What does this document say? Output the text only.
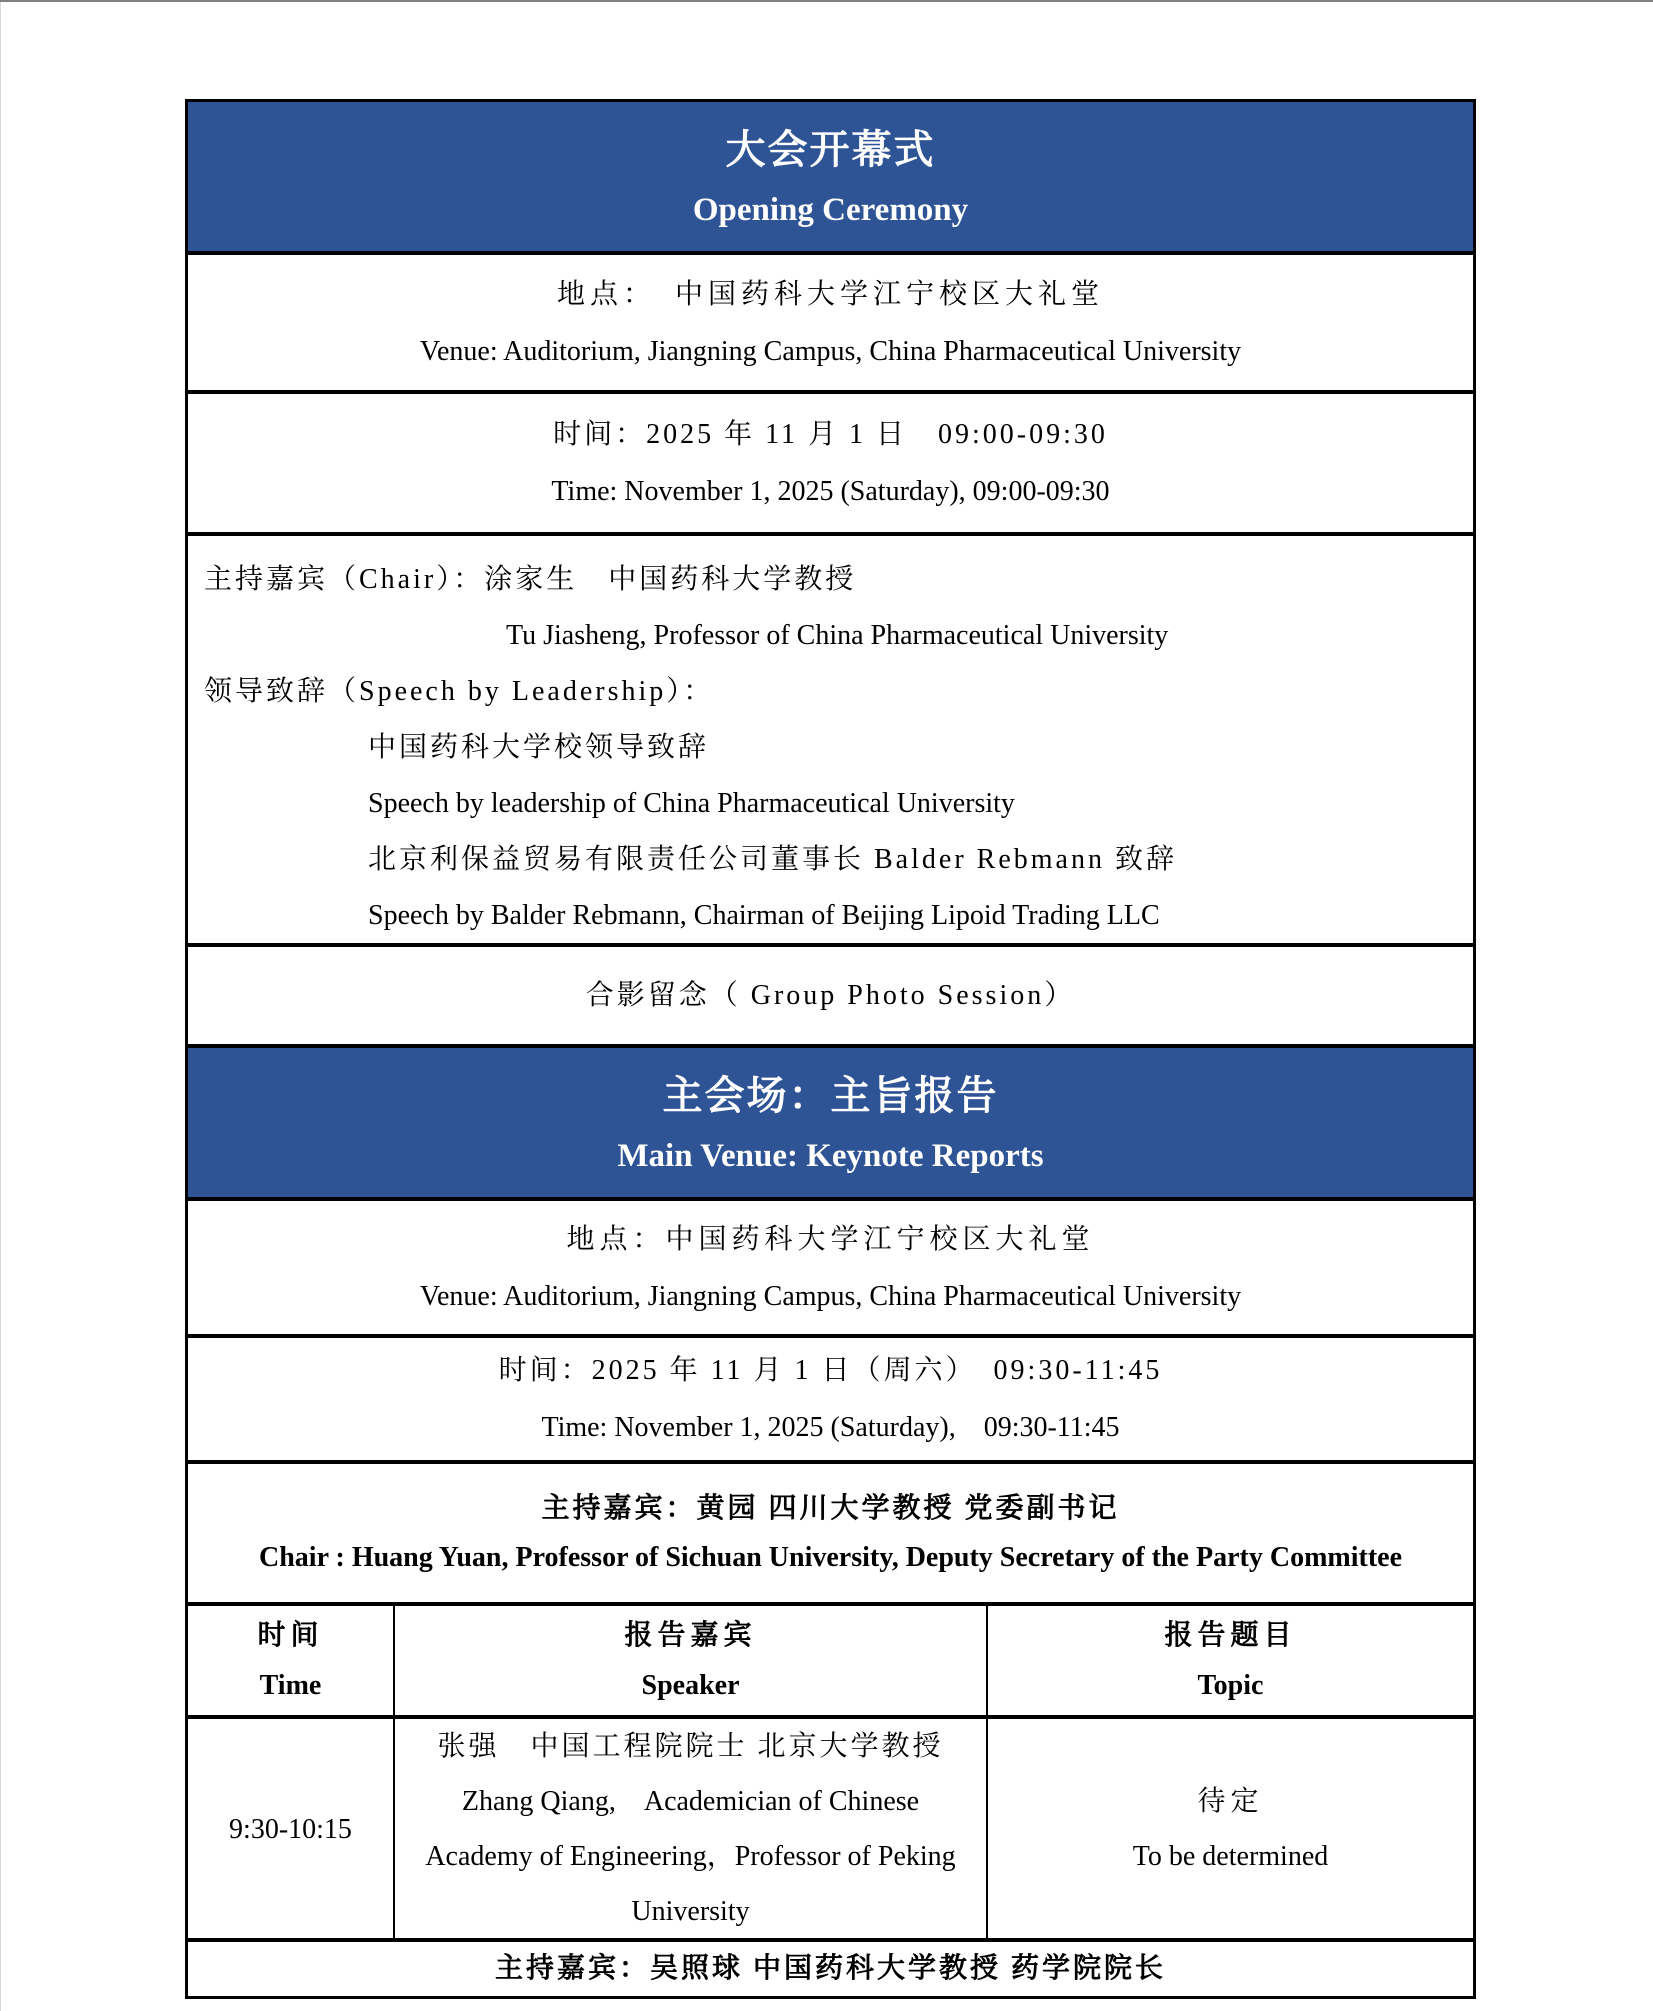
大会开幕式
Opening Ceremony
地点：　中国药科大学江宁校区大礼堂
Venue: Auditorium, Jiangning Campus, China Pharmaceutical University
时间：2025 年 11 月 1 日　09:00-09:30
Time: November 1, 2025 (Saturday), 09:00-09:30
主持嘉宾（Chair）：涂家生　中国药科大学教授
Tu Jiasheng, Professor of China Pharmaceutical University
领导致辞（Speech by Leadership）：
中国药科大学校领导致辞
Speech by leadership of China Pharmaceutical University
北京利保益贸易有限责任公司董事长 Balder Rebmann 致辞
Speech by Balder Rebmann, Chairman of Beijing Lipoid Trading LLC
合影留念（ Group Photo Session）
主会场：主旨报告
Main Venue: Keynote Reports
地点：中国药科大学江宁校区大礼堂
Venue: Auditorium, Jiangning Campus, China Pharmaceutical University
时间：2025 年 11 月 1 日（周六）　09:30-11:45
Time: November 1, 2025 (Saturday),　09:30-11:45
主持嘉宾：黄园 四川大学教授 党委副书记
Chair : Huang Yuan, Professor of Sichuan University, Deputy Secretary of the Party Committee
时间
Time
报告嘉宾
Speaker
报告题目
Topic
9:30-10:15
张强　中国工程院院士 北京大学教授
Zhang Qiang,　Academician of Chinese Academy of Engineering，Professor of Peking University
待定
To be determined
主持嘉宾：吴照球 中国药科大学教授 药学院院长
